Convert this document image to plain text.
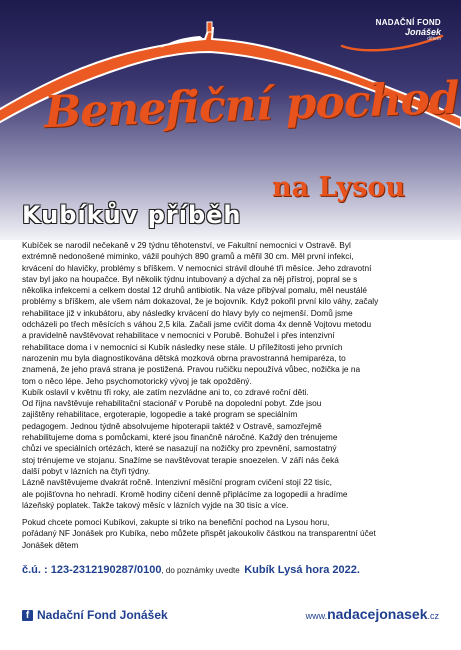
NADAČNÍ FOND
Jonášek
dětem
Benefiční pochod
na Lysou
Kubíkův příběh

Kubíček se narodil nečekaně v 29 týdnu těhotenství, ve Fakultní nemocnici v Ostravě. Byl

extrémně nedonošené miminko, vážil pouhých 890 gramů a měřil 30 cm. Měl první infekci,

krvácení do hlavičky, problémy s bříškem. V nemocnici strávil dlouhé tři měsíce. Jeho zdravotní

stav byl jako na houpačce. Byl několik týdnu intubovaný a dýchal za něj přístroj, popral se s

několika infekcemi a celkem dostal 12 druhů antibiotik. Na váze přibýval pomalu, měl neustálé

problémy s bříškem, ale všem nám dokazoval, že je bojovník. Když pokořil první kilo váhy, začaly

rehabilitace již v inkubátoru, aby následky krvácení do hlavy byly co nejmenší. Domů jsme

odcházeli po třech měsících s váhou 2,5 kila. Začali jsme cvičit doma 4x denně Vojtovu metodu

a pravidelně navštěvovat rehabilitace v nemocnici v Porubě. Bohužel i přes intenzivní

rehabilitace doma i v nemocnici si Kubík následky nese stále. U příležitosti jeho prvních

narozenin mu byla diagnostikována dětská mozková obrna pravostranná hemiparéza, to

znamená, že jeho pravá strana je postižená. Pravou ručičku nepoužívá vůbec, nožička je na

tom o něco lépe. Jeho psychomotorický vývoj je tak opožděný.

Kubík oslavil v květnu tři roky, ale zatím nezvládne ani to, co zdravé roční děti.

Od října navštěvuje rehabilitační stacionář v Porubě na dopolední pobyt. Zde jsou

zajištěny rehabilitace, ergoterapie, logopedie a také program se speciálním

pedagogem. Jednou týdně absolvujeme hipoterapii taktéž v Ostravě, samozřejmě

rehabilitujeme doma s pomůckami, které jsou finančně náročné. Každý den trénujeme

chůzi ve speciálních ortézách, které se nasazují na nožičky pro zpevnění, samostatný

stoj trénujeme ve stojanu. Snažíme se navštěvovat terapie snoezelen. V září nás čeká

další pobyt v lázních na čtyři týdny.

Lázně navštěvujeme dvakrát ročně. Intenzivní měsíční program cvičení stojí 22 tisíc,

ale pojišťovna ho nehradí. Kromě hodiny cičení denně připlácíme za logopedii a hradíme

lázeňský poplatek. Takže takový měsíc v lázních vyjde na 30 tisíc a více.

Pokud chcete pomoci Kubíkovi, zakupte si triko na benefiční pochod na Lysou horu,

pořádaný NF Jonášek pro Kubíka, nebo můžete přispět jakoukoliv částkou na transparentní účet

Jonášek dětem

č.ú. : 123-2312190287/0100, do poznámky uvedte Kubík Lysá hora 2022.
f Nadační Fond Jonášek	www.nadacejonasek.cz
